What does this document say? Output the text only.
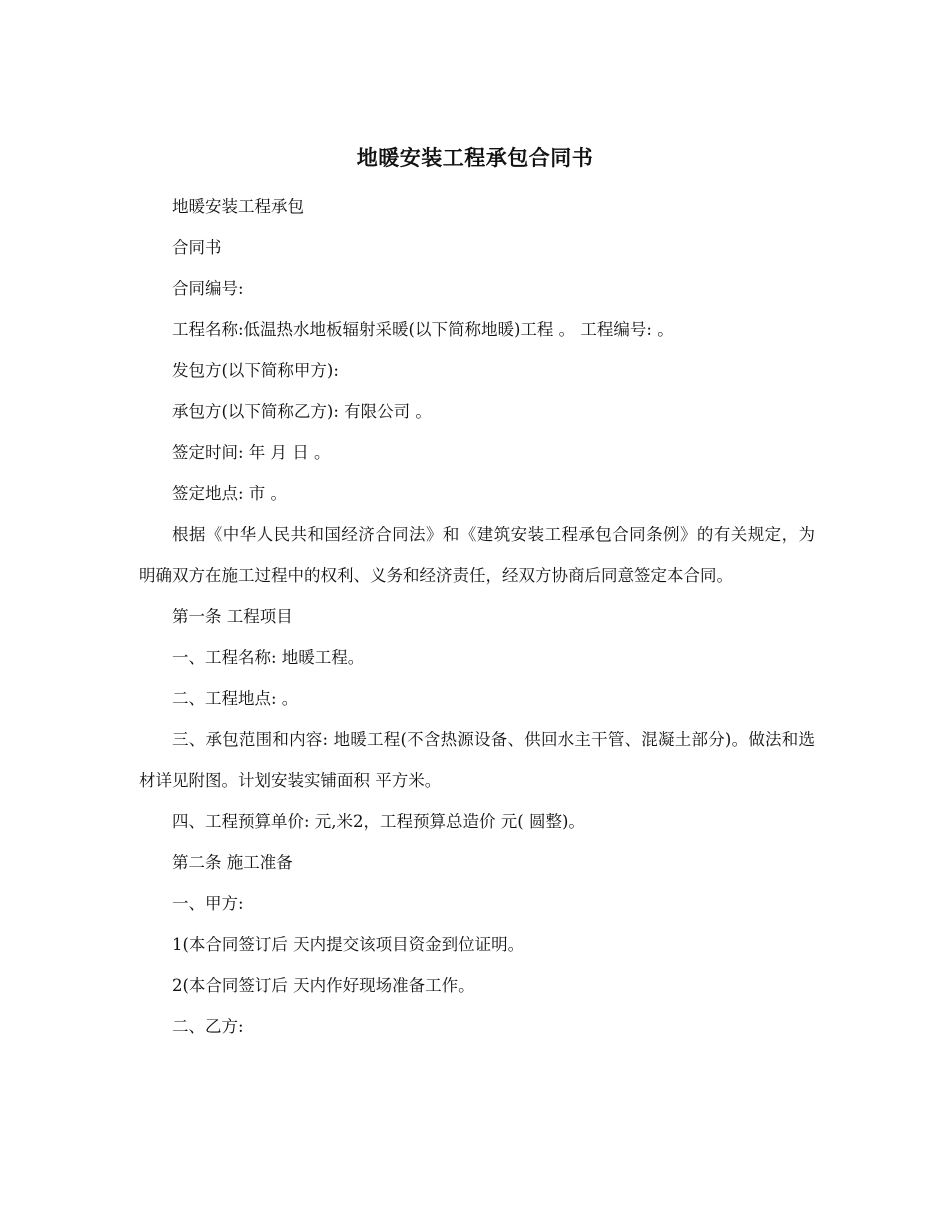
地暖安装工程承包合同书

地暖安装工程承包

合同书

合同编号:

工程名称:低温热水地板辐射采暖(以下简称地暖)工程 。 工程编号: 。

发包方(以下简称甲方):

承包方(以下简称乙方): 有限公司 。

签定时间: 年 月 日 。

签定地点: 市 。

根据《中华人民共和国经济合同法》和《建筑安装工程承包合同条例》的有关规定，为明确双方在施工过程中的权利、义务和经济责任，经双方协商后同意签定本合同。

第一条 工程项目

一、工程名称: 地暖工程。

二、工程地点: 。

三、承包范围和内容: 地暖工程(不含热源设备、供回水主干管、混凝土部分)。做法和选材详见附图。计划安装实铺面积 平方米。

四、工程预算单价: 元,米2，工程预算总造价 元( 圆整)。

第二条 施工准备

一、甲方:

1(本合同签订后 天内提交该项目资金到位证明。

2(本合同签订后 天内作好现场准备工作。

二、乙方:
